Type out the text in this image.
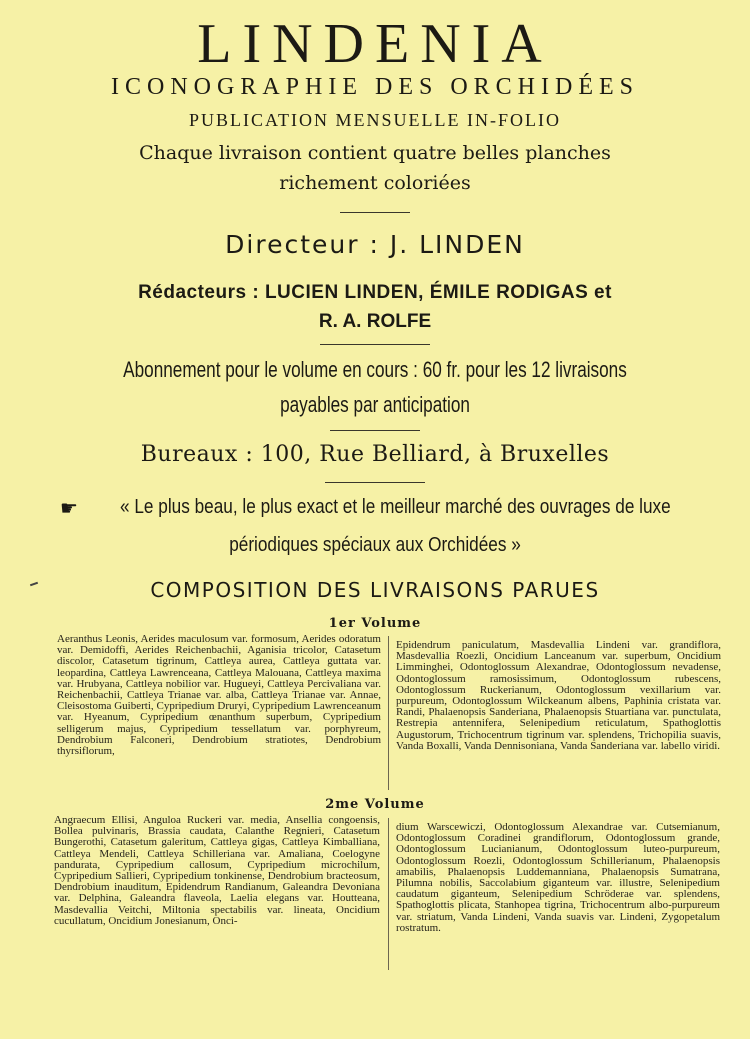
LINDENIA
ICONOGRAPHIE DES ORCHIDÉES
PUBLICATION MENSUELLE IN-FOLIO
Chaque livraison contient quatre belles planches
richement coloriées
Directeur : J. LINDEN
Rédacteurs : LUCIEN LINDEN, ÉMILE RODIGAS et
R. A. ROLFE
Abonnement pour le volume en cours : 60 fr. pour les 12 livraisons
payables par anticipation
Bureaux : 100, Rue Belliard, à Bruxelles
☛ « Le plus beau, le plus exact et le meilleur marché des ouvrages de luxe
périodiques spéciaux aux Orchidées »
COMPOSITION DES LIVRAISONS PARUES
1er Volume
Aeranthus Leonis, Aerides maculosum var. formosum, Aerides odoratum var. Demidoffi, Aerides Reichenbachii, Aganisia tricolor, Catasetum discolor, Catasetum tigrinum, Cattleya aurea, Cattleya guttata var. leopardina, Cattleya Lawrenceana, Cattleya Malouana, Cattleya maxima var. Hrubyana, Cattleya nobilior var. Hugueyi, Cattleya Percivaliana var. Reichenbachii, Cattleya Trianae var. alba, Cattleya Trianae var. Annae, Cleisostoma Guiberti, Cypripedium Druryi, Cypripedium Lawrenceanum var. Hyeanum, Cypripedium œnanthum superbum, Cypripedium selligerum majus, Cypripedium tessellatum var. porphyreum, Dendrobium Falconeri, Dendrobium stratiotes, Dendrobium thyrsiflorum,
Epidendrum paniculatum, Masdevallia Lindeni var. grandiflora, Masdevallia Roezli, Oncidium Lanceanum var. superbum, Oncidium Limminghei, Odontoglossum Alexandrae, Odontoglossum nevadense, Odontoglossum ramosissimum, Odontoglossum rubescens, Odontoglossum Ruckerianum, Odontoglossum vexillarium var. purpureum, Odontoglossum Wilckeanum albens, Paphinia cristata var. Randi, Phalaenopsis Sanderiana, Phalaenopsis Stuartiana var. punctulata, Restrepia antennifera, Selenipedium reticulatum, Spathoglottis Augustorum, Trichocentrum tigrinum var. splendens, Trichopilia suavis, Vanda Boxalli, Vanda Dennisoniana, Vanda Sanderiana var. labello viridi.
2me Volume
Angraecum Ellisi, Anguloa Ruckeri var. media, Ansellia congoensis, Bollea pulvinaris, Brassia caudata, Calanthe Regnieri, Catasetum Bungerothi, Catasetum galeritum, Cattleya gigas, Cattleya Kimballiana, Cattleya Mendeli, Cattleya Schilleriana var. Amaliana, Coelogyne pandurata, Cypripedium callosum, Cypripedium microchilum, Cypripedium Sallieri, Cypripedium tonkinense, Dendrobium bracteosum, Dendrobium inauditum, Epidendrum Randianum, Galeandra Devoniana var. Delphina, Galeandra flaveola, Laelia elegans var. Houtteana, Masdevallia Veitchi, Miltonia spectabilis var. lineata, Oncidium cucullatum, Oncidium Jonesianum, Onci-
dium Warscewiczi, Odontoglossum Alexandrae var. Cutsemianum, Odontoglossum Coradinei grandiflorum, Odontoglossum grande, Odontoglossum Lucianianum, Odontoglossum luteo-purpureum, Odontoglossum Roezli, Odontoglossum Schillerianum, Phalaenopsis amabilis, Phalaenopsis Luddemanniana, Phalaenopsis Sumatrana, Pilumna nobilis, Saccolabium giganteum var. illustre, Selenipedium caudatum giganteum, Selenipedium Schröderae var. splendens, Spathoglottis plicata, Stanhopea tigrina, Trichocentrum albo-purpureum var. striatum, Vanda Lindeni, Vanda suavis var. Lindeni, Zygopetalum rostratum.
